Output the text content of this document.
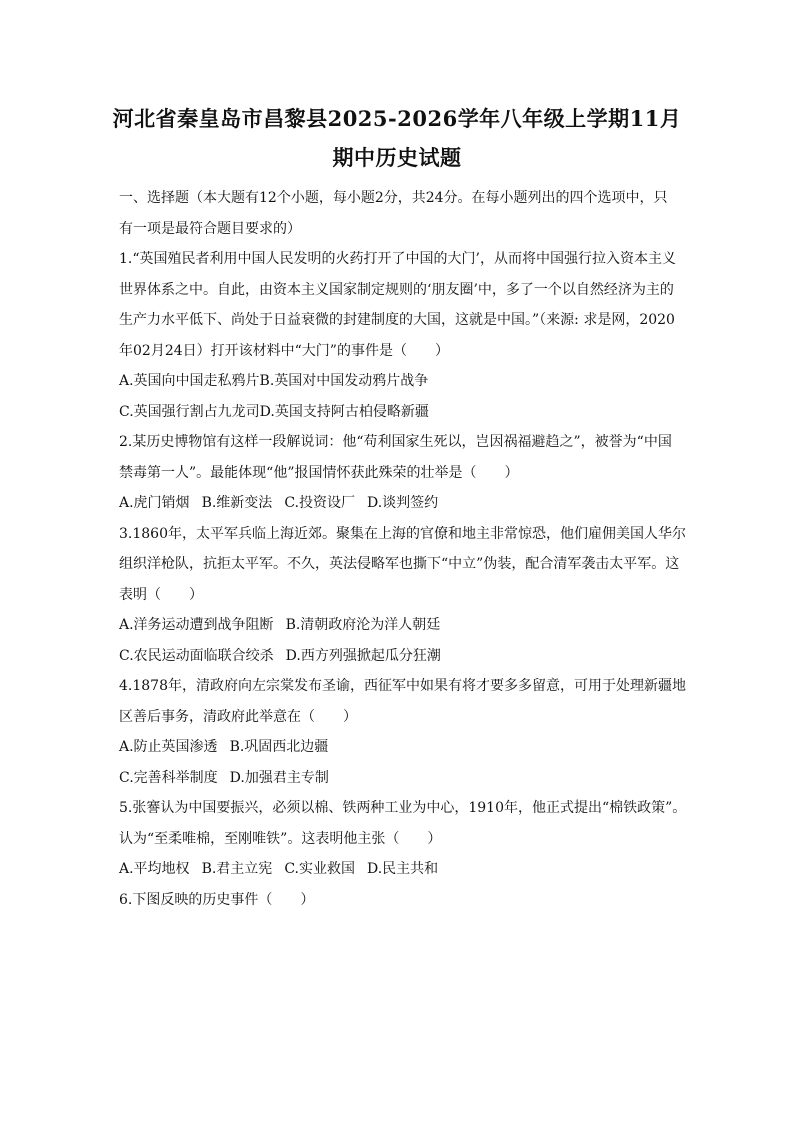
河北省秦皇岛市昌黎县2025-2026学年八年级上学期11月
期中历史试题
一、选择题（本大题有12个小题，每小题2分，共24分。在每小题列出的四个选项中，只
有一项是最符合题目要求的）
1.“英国殖民者利用中国人民发明的火药打开了中国的大门’，从而将中国强行拉入资本主义
世界体系之中。自此，由资本主义国家制定规则的‘朋友圈’中，多了一个以自然经济为主的
生产力水平低下、尚处于日益衰微的封建制度的大国，这就是中国。”（来源: 求是网，2020
年02月24日）打开该材料中“大门”的事件是（　　）
A.英国向中国走私鸦片B.英国对中国发动鸦片战争
C.英国强行割占九龙司D.英国支持阿古柏侵略新疆
2.某历史博物馆有这样一段解说词：他“苟利国家生死以，岂因祸福避趋之”，被誉为“中国
禁毒第一人”。最能体现“他”报国情怀获此殊荣的壮举是（　　）
A.虎门销烟 B.维新变法 C.投资设厂 D.谈判签约
3.1860年，太平军兵临上海近郊。聚集在上海的官僚和地主非常惊恐，他们雇佣美国人华尔
组织洋枪队，抗拒太平军。不久，英法侵略军也撕下“中立”伪装，配合清军袭击太平军。这
表明（　　）
A.洋务运动遭到战争阻断 B.清朝政府沦为洋人朝廷
C.农民运动面临联合绞杀 D.西方列强掀起瓜分狂潮
4.1878年，清政府向左宗棠发布圣谕，西征军中如果有将才要多多留意，可用于处理新疆地
区善后事务，清政府此举意在（　　）
A.防止英国渗透 B.巩固西北边疆
C.完善科举制度 D.加强君主专制
5.张謇认为中国要振兴，必须以棉、铁两种工业为中心，1910年，他正式提出“棉铁政策”。
认为“至柔唯棉，至刚唯铁”。这表明他主张（　　）
A.平均地权 B.君主立宪 C.实业救国 D.民主共和
6.下图反映的历史事件（　　）
